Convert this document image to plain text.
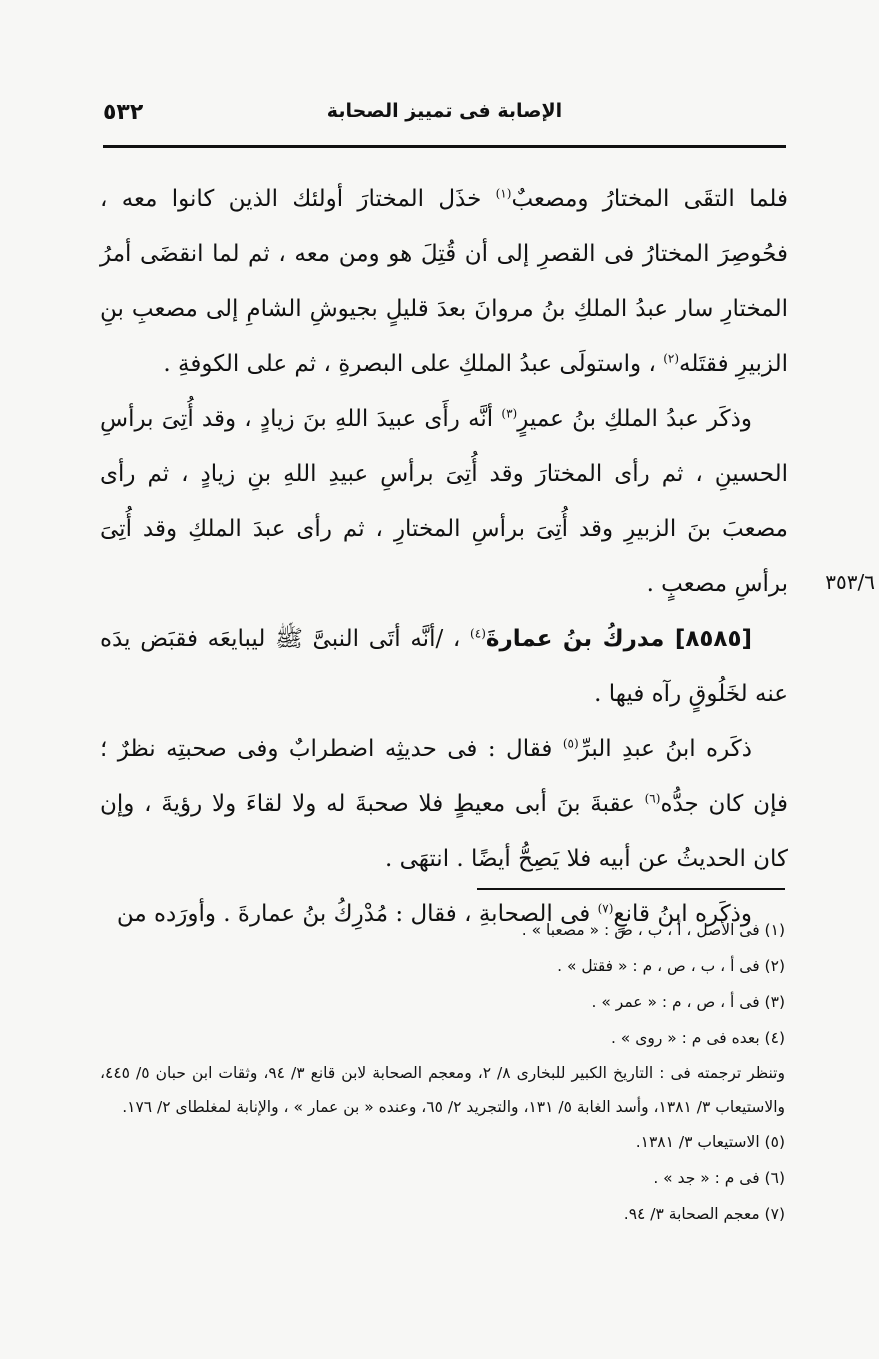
٥٣٢	الإصابة فى تمييز الصحابة

فلما التقَى المختارُ ومصعبٌ$^{(١)}$ خذَل المختارَ أولئك الذين كانوا معه ، فحُوصِرَ المختارُ فى القصرِ إلى أن قُتِلَ هو ومن معه ، ثم لما انقضَى أمرُ المختارِ سار عبدُ الملكِ بنُ مروانَ بعدَ قليلٍ بجيوشِ الشامِ إلى مصعبِ بنِ الزبيرِ فقتَله$^{(٢)}$ ، واستولَى عبدُ الملكِ على البصرةِ ، ثم على الكوفةِ .

وذكَر عبدُ الملكِ بنُ عميرٍ$^{(٣)}$ أنَّه رأَى عبيدَ اللهِ بنَ زيادٍ ، وقد أُتِىَ برأسِ الحسينِ ، ثم رأى المختارَ وقد أُتِىَ برأسِ عبيدِ اللهِ بنِ زيادٍ ، ثم رأى مصعبَ بنَ الزبيرِ وقد أُتِىَ برأسِ المختارِ ، ثم رأى عبدَ الملكِ وقد أُتِىَ برأسِ مصعبٍ .

[٨٥٨٥] مدركُ بنُ عمارةَ$^{(٤)}$ ، /أنَّه أتَى النبىَّ ﷺ ليبايعَه فقبَض يدَه عنه لخَلُوقٍ رآه فيها .

ذكَره ابنُ عبدِ البرِّ$^{(٥)}$ فقال : فى حديثِه اضطرابٌ وفى صحبتِه نظرٌ ؛ فإن كان جدُّه$^{(٦)}$ عقبةَ بنَ أبى معيطٍ فلا صحبةَ له ولا لقاءَ ولا رؤيةَ ، وإن كان الحديثُ عن أبيه فلا يَصِحُّ أيضًا . انتهَى .

وذكَره ابنُ قانعٍ$^{(٧)}$ فى الصحابةِ ، فقال : مُدْرِكُ بنُ عمارةَ . وأورَده من

٣٥٣/٦

(١) فى الأصل ، أ ، ب ، ص : « مصعبا » .

(٢) فى أ ، ب ، ص ، م : « فقتل » .

(٣) فى أ ، ص ، م : « عمر » .

(٤) بعده فى م : « روى » .

وتنظر ترجمته فى : التاريخ الكبير للبخارى ٨/ ٢، ومعجم الصحابة لابن قانع ٣/ ٩٤، وثقات ابن حبان ٥/ ٤٤٥، والاستيعاب ٣/ ١٣٨١، وأسد الغابة ٥/ ١٣١، والتجريد ٢/ ٦٥، وعنده « بن عمار » ، والإنابة لمغلطاى ٢/ ١٧٦.

(٥) الاستيعاب ٣/ ١٣٨١.

(٦) فى م : « جد » .

(٧) معجم الصحابة ٣/ ٩٤.
